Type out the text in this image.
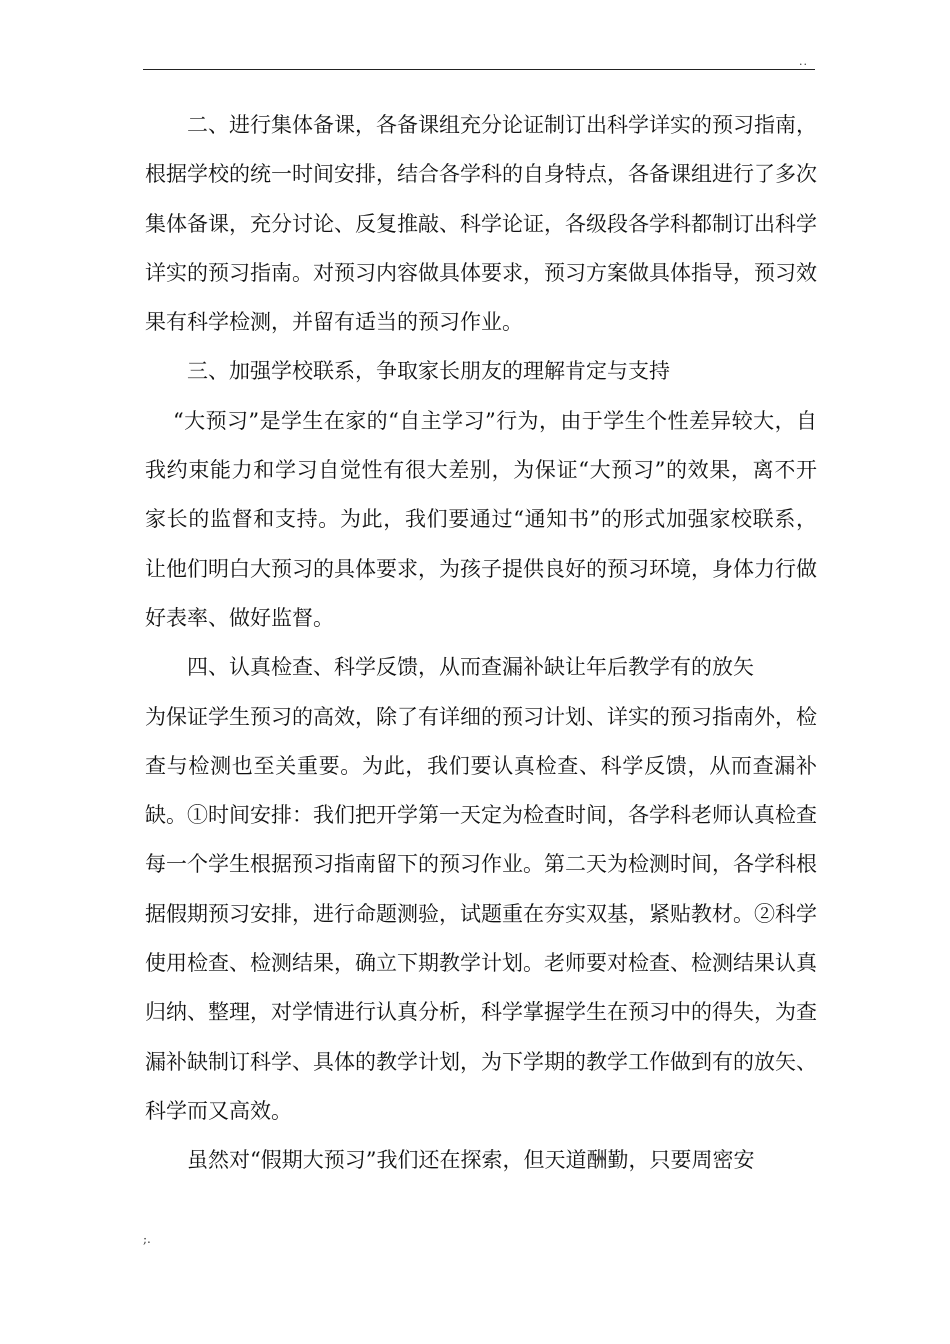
..

二、进行集体备课，各备课组充分论证制订出科学详实的预习指南，根据学校的统一时间安排，结合各学科的自身特点，各备课组进行了多次集体备课，充分讨论、反复推敲、科学论证，各级段各学科都制订出科学详实的预习指南。对预习内容做具体要求，预习方案做具体指导，预习效果有科学检测，并留有适当的预习作业。

三、加强学校联系，争取家长朋友的理解肯定与支持

“大预习”是学生在家的“自主学习”行为，由于学生个性差异较大，自我约束能力和学习自觉性有很大差别，为保证“大预习”的效果，离不开家长的监督和支持。为此，我们要通过“通知书”的形式加强家校联系，让他们明白大预习的具体要求，为孩子提供良好的预习环境，身体力行做好表率、做好监督。

四、认真检查、科学反馈，从而查漏补缺让年后教学有的放矢

为保证学生预习的高效，除了有详细的预习计划、详实的预习指南外，检查与检测也至关重要。为此，我们要认真检查、科学反馈，从而查漏补缺。①时间安排：我们把开学第一天定为检查时间，各学科老师认真检查每一个学生根据预习指南留下的预习作业。第二天为检测时间，各学科根据假期预习安排，进行命题测验，试题重在夯实双基，紧贴教材。②科学使用检查、检测结果，确立下期教学计划。老师要对检查、检测结果认真归纳、整理，对学情进行认真分析，科学掌握学生在预习中的得失，为查漏补缺制订科学、具体的教学计划，为下学期的教学工作做到有的放矢、科学而又高效。

虽然对“假期大预习”我们还在探索，但天道酬勤，只要周密安

;.
